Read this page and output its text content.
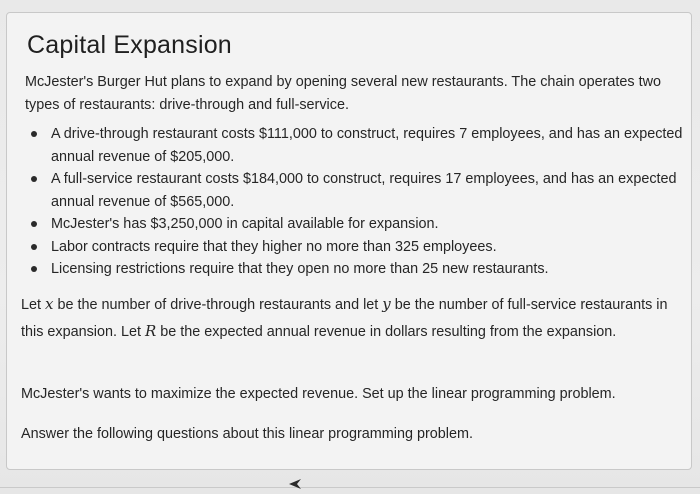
Capital Expansion
McJester's Burger Hut plans to expand by opening several new restaurants. The chain operates two types of restaurants: drive-through and full-service.
A drive-through restaurant costs $111,000 to construct, requires 7 employees, and has an expected annual revenue of $205,000.
A full-service restaurant costs $184,000 to construct, requires 17 employees, and has an expected annual revenue of $565,000.
McJester's has $3,250,000 in capital available for expansion.
Labor contracts require that they higher no more than 325 employees.
Licensing restrictions require that they open no more than 25 new restaurants.
Let x be the number of drive-through restaurants and let y be the number of full-service restaurants in this expansion. Let R be the expected annual revenue in dollars resulting from the expansion.
McJester's wants to maximize the expected revenue. Set up the linear programming problem.
Answer the following questions about this linear programming problem.
